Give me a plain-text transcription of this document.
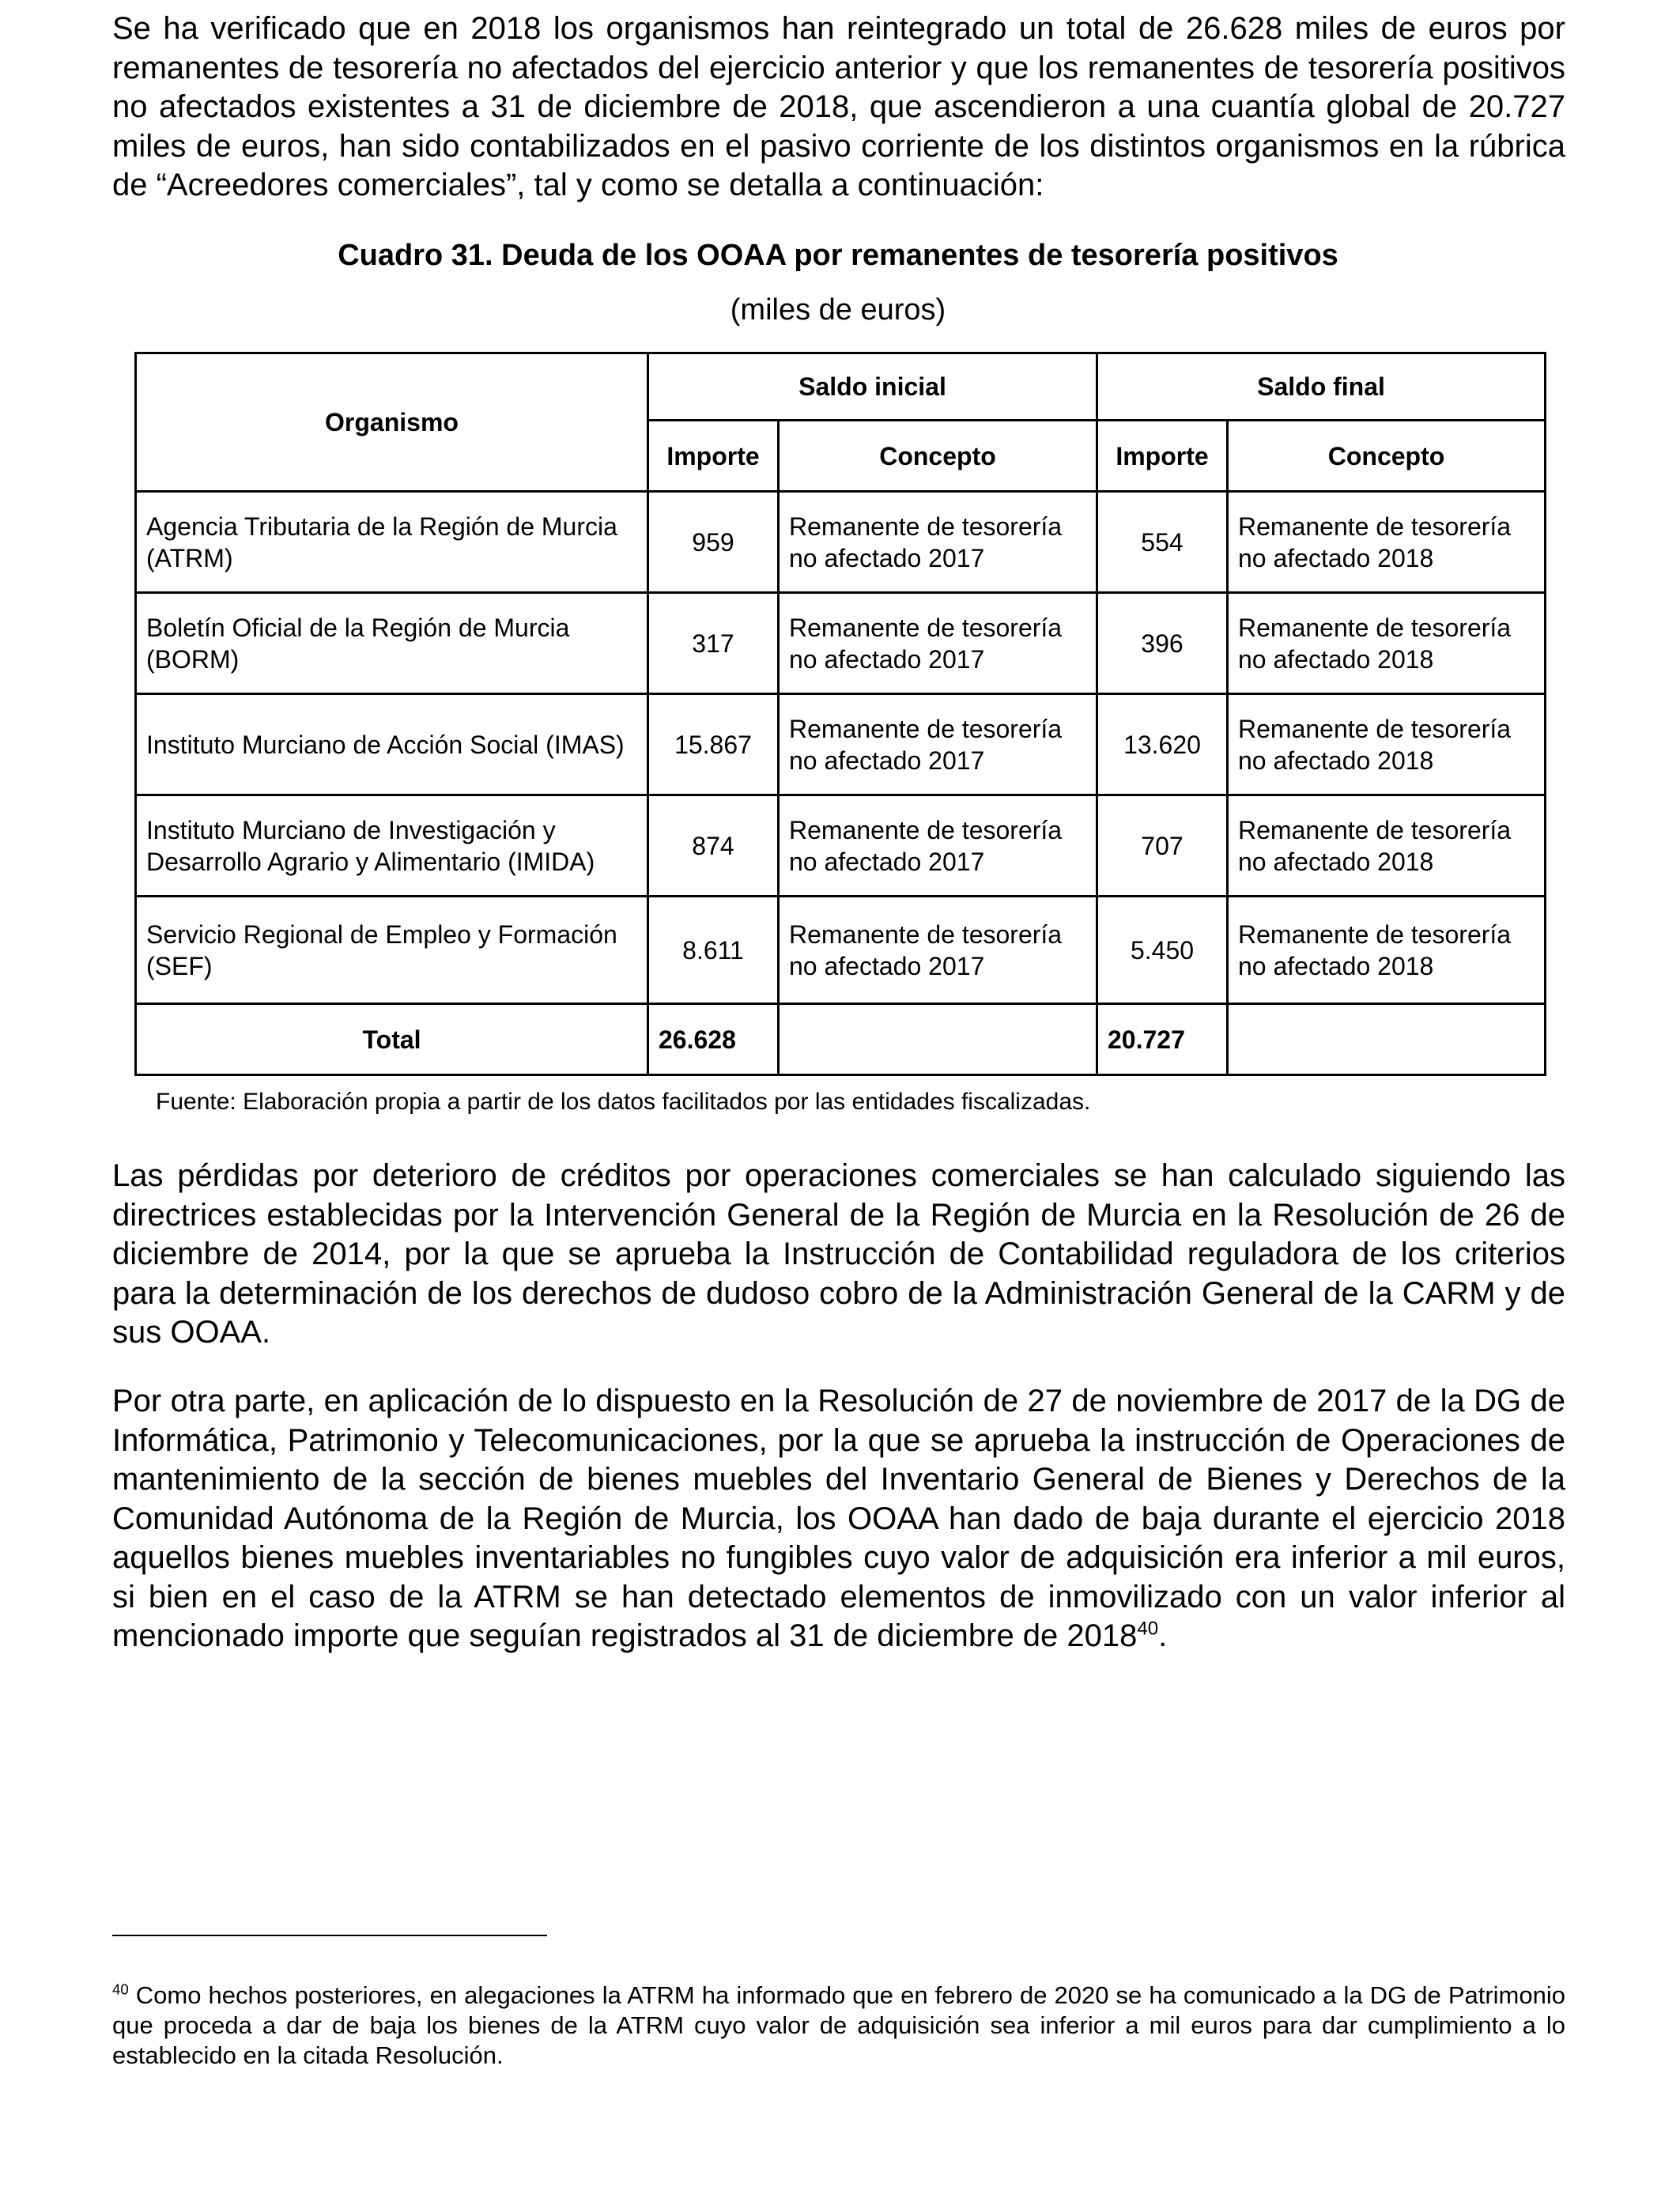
Se ha verificado que en 2018 los organismos han reintegrado un total de 26.628 miles de euros por remanentes de tesorería no afectados del ejercicio anterior y que los remanentes de tesorería positivos no afectados existentes a 31 de diciembre de 2018, que ascendieron a una cuantía global de 20.727 miles de euros, han sido contabilizados en el pasivo corriente de los distintos organismos en la rúbrica de “Acreedores comerciales”, tal y como se detalla a continuación:

Cuadro 31. Deuda de los OOAA por remanentes de tesorería positivos

(miles de euros)

Organismo	Saldo inicial		Saldo final	
	Importe	Concepto	Importe	Concepto
Agencia Tributaria de la Región de Murcia (ATRM)	959	Remanente de tesorería no afectado 2017	554	Remanente de tesorería no afectado 2018
Boletín Oficial de la Región de Murcia (BORM)	317	Remanente de tesorería no afectado 2017	396	Remanente de tesorería no afectado 2018
Instituto Murciano de Acción Social (IMAS)	15.867	Remanente de tesorería no afectado 2017	13.620	Remanente de tesorería no afectado 2018
Instituto Murciano de Investigación y Desarrollo Agrario y Alimentario (IMIDA)	874	Remanente de tesorería no afectado 2017	707	Remanente de tesorería no afectado 2018
Servicio Regional de Empleo y Formación (SEF)	8.611	Remanente de tesorería no afectado 2017	5.450	Remanente de tesorería no afectado 2018
Total	26.628		20.727	

Fuente: Elaboración propia a partir de los datos facilitados por las entidades fiscalizadas.

Las pérdidas por deterioro de créditos por operaciones comerciales se han calculado siguiendo las directrices establecidas por la Intervención General de la Región de Murcia en la Resolución de 26 de diciembre de 2014, por la que se aprueba la Instrucción de Contabilidad reguladora de los criterios para la determinación de los derechos de dudoso cobro de la Administración General de la CARM y de sus OOAA.

Por otra parte, en aplicación de lo dispuesto en la Resolución de 27 de noviembre de 2017 de la DG de Informática, Patrimonio y Telecomunicaciones, por la que se aprueba la instrucción de Operaciones de mantenimiento de la sección de bienes muebles del Inventario General de Bienes y Derechos de la Comunidad Autónoma de la Región de Murcia, los OOAA han dado de baja durante el ejercicio 2018 aquellos bienes muebles inventariables no fungibles cuyo valor de adquisición era inferior a mil euros, si bien en el caso de la ATRM se han detectado elementos de inmovilizado con un valor inferior al mencionado importe que seguían registrados al 31 de diciembre de 2018$^{40}$.

$^{40}$ Como hechos posteriores, en alegaciones la ATRM ha informado que en febrero de 2020 se ha comunicado a la DG de Patrimonio que proceda a dar de baja los bienes de la ATRM cuyo valor de adquisición sea inferior a mil euros para dar cumplimiento a lo establecido en la citada Resolución.
